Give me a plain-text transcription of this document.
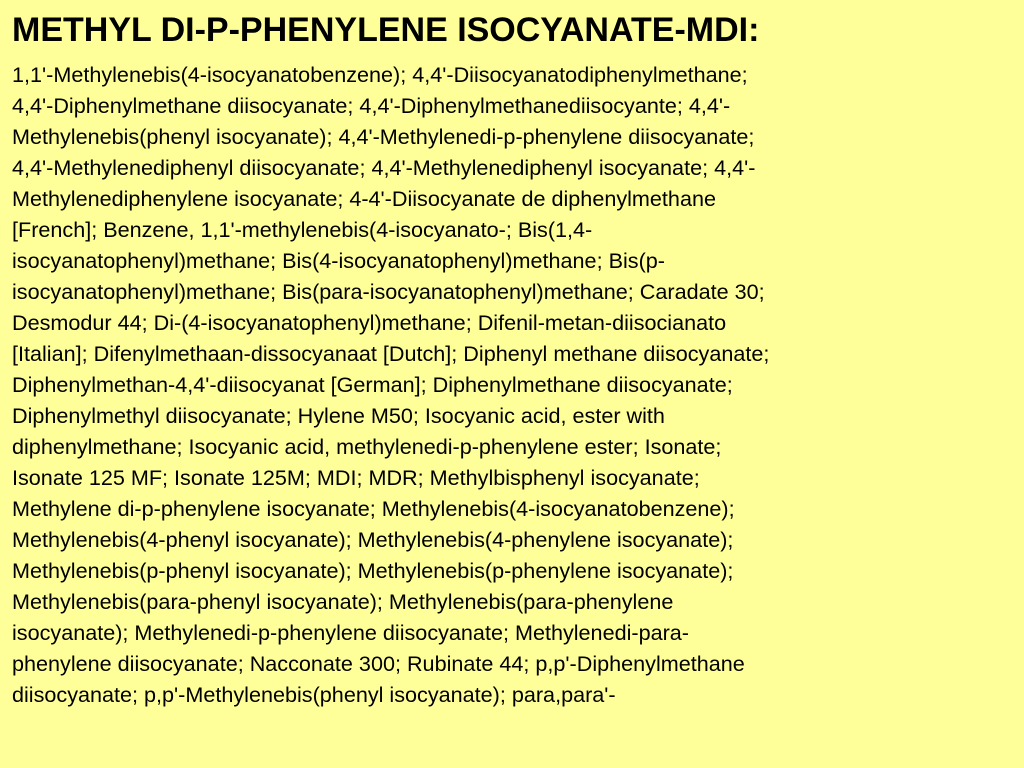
METHYL DI-P-PHENYLENE ISOCYANATE-MDI:
1,1'-Methylenebis(4-isocyanatobenzene); 4,4'-Diisocyanatodiphenylmethane;
4,4'-Diphenylmethane diisocyanate; 4,4'-Diphenylmethanediisocyante; 4,4'-
Methylenebis(phenyl isocyanate); 4,4'-Methylenedi-p-phenylene diisocyanate;
4,4'-Methylenediphenyl diisocyanate; 4,4'-Methylenediphenyl isocyanate; 4,4'-
Methylenediphenylene isocyanate; 4-4'-Diisocyanate de diphenylmethane
[French]; Benzene, 1,1'-methylenebis(4-isocyanato-; Bis(1,4-
isocyanatophenyl)methane; Bis(4-isocyanatophenyl)methane; Bis(p-
isocyanatophenyl)methane; Bis(para-isocyanatophenyl)methane; Caradate 30;
Desmodur 44; Di-(4-isocyanatophenyl)methane; Difenil-metan-diisocianato
[Italian]; Difenylmethaan-dissocyanaat [Dutch]; Diphenyl methane diisocyanate;
Diphenylmethan-4,4'-diisocyanat [German]; Diphenylmethane diisocyanate;
Diphenylmethyl diisocyanate; Hylene M50; Isocyanic acid, ester with
diphenylmethane; Isocyanic acid, methylenedi-p-phenylene ester; Isonate;
Isonate 125 MF; Isonate 125M; MDI; MDR; Methylbisphenyl isocyanate;
Methylene di-p-phenylene isocyanate; Methylenebis(4-isocyanatobenzene);
Methylenebis(4-phenyl isocyanate); Methylenebis(4-phenylene isocyanate);
Methylenebis(p-phenyl isocyanate); Methylenebis(p-phenylene isocyanate);
Methylenebis(para-phenyl isocyanate); Methylenebis(para-phenylene
isocyanate); Methylenedi-p-phenylene diisocyanate; Methylenedi-para-
phenylene diisocyanate; Nacconate 300; Rubinate 44; p,p'-Diphenylmethane
diisocyanate; p,p'-Methylenebis(phenyl isocyanate); para,para'-
